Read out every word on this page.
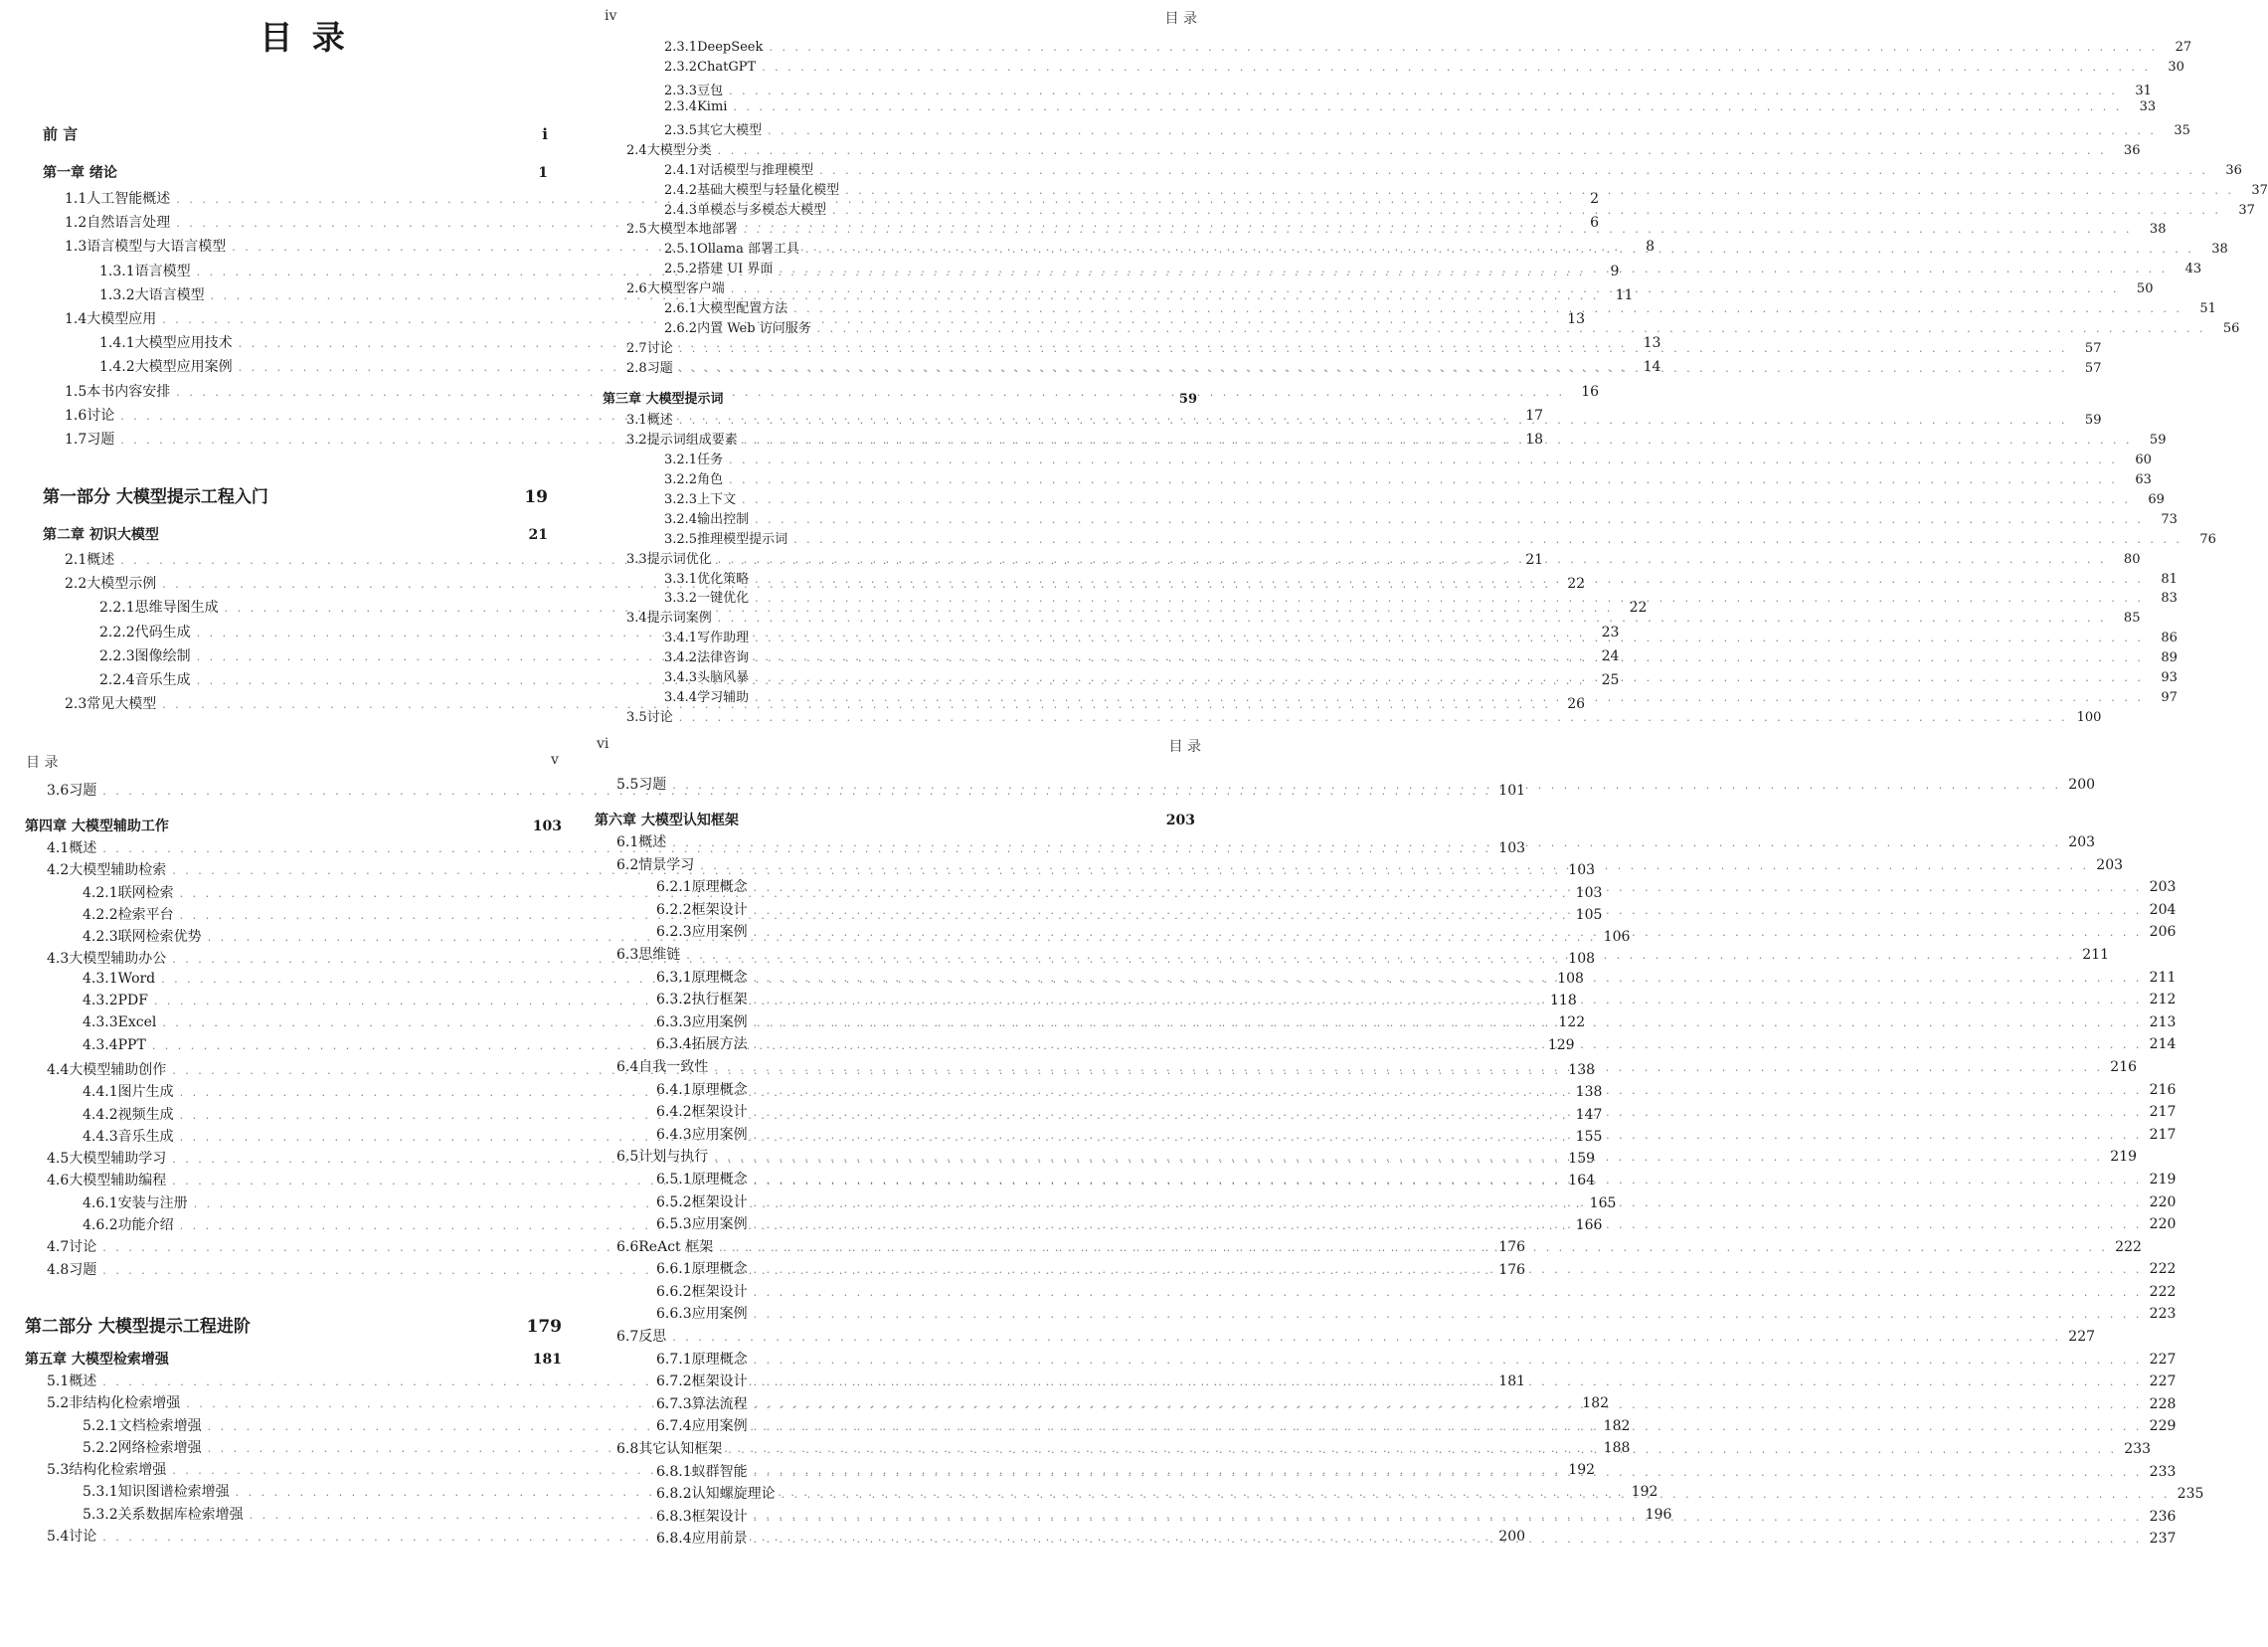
目 录
前 言	i
第一章 绪论	1
1.1 人工智能概述 . . .	2
1.2 自然语言处理 . . .	6
1.3 语言模型与大语言模型 . . .	8
1.3.1 语言模型 . . .	9
1.3.2 大语言模型 . . .	11
1.4 大模型应用 . . .	13
1.4.1 大模型应用技术 . . .	13
1.4.2 大模型应用案例 . . .	14
1.5 本书内容安排 . . .	16
1.6 讨论 . . .	17
1.7 习题 . . .	18
第一部分 大模型提示工程入门	19
第二章 初识大模型	21
2.1 概述 . . .	21
2.2 大模型示例 . . .	22
2.2.1 思维导图生成 . . .	22
2.2.2 代码生成 . . .	23
2.2.3 图像绘制 . . .	24
2.2.4 音乐生成 . . .	25
2.3 常见大模型 . . .	26
iv	目 录
2.3.1 DeepSeek . . .	27
2.3.2 ChatGPT . . .	30
2.3.3 豆包 . . .	31
2.3.4 Kimi . . .	33
2.3.5 其它大模型 . . .	35
2.4 大模型分类 . . .	36
2.4.1 对话模型与推理模型 . . .	36
2.4.2 基础大模型与轻量化模型 . . .	37
2.4.3 单模态与多模态大模型 . . .	37
2.5 大模型本地部署 . . .	38
2.5.1 Ollama 部署工具 . . .	38
2.5.2 搭建 UI 界面 . . .	43
2.6 大模型客户端 . . .	50
2.6.1 大模型配置方法 . . .	51
2.6.2 内置 Web 访问服务 . . .	56
2.7 讨论 . . .	57
2.8 习题 . . .	57
第三章 大模型提示词	59
3.1 概述 . . .	59
3.2 提示词组成要素 . . .	59
3.2.1 任务 . . .	60
3.2.2 角色 . . .	63
3.2.3 上下文 . . .	69
3.2.4 输出控制 . . .	73
3.2.5 推理模型提示词 . . .	76
3.3 提示词优化 . . .	80
3.3.1 优化策略 . . .	81
3.3.2 一键优化 . . .	83
3.4 提示词案例 . . .	85
3.4.1 写作助理 . . .	86
3.4.2 法律咨询 . . .	89
3.4.3 头脑风暴 . . .	93
3.4.4 学习辅助 . . .	97
3.5 讨论 . . .	100
目 录	v
3.6 习题 . . .	101
第四章 大模型辅助工作	103
4.1 概述 . . .	103
4.2 大模型辅助检索 . . .	103
4.2.1 联网检索 . . .	103
4.2.2 检索平台 . . .	105
4.2.3 联网检索优势 . . .	106
4.3 大模型辅助办公 . . .	108
4.3.1 Word . . .	108
4.3.2 PDF . . .	118
4.3.3 Excel . . .	122
4.3.4 PPT . . .	129
4.4 大模型辅助创作 . . .	138
4.4.1 图片生成 . . .	138
4.4.2 视频生成 . . .	147
4.4.3 音乐生成 . . .	155
4.5 大模型辅助学习 . . .	159
4.6 大模型辅助编程 . . .	164
4.6.1 安装与注册 . . .	165
4.6.2 功能介绍 . . .	166
4.7 讨论 . . .	176
4.8 习题 . . .	176
第二部分 大模型提示工程进阶	179
第五章 大模型检索增强	181
5.1 概述 . . .	181
5.2 非结构化检索增强 . . .	182
5.2.1 文档检索增强 . . .	182
5.2.2 网络检索增强 . . .	188
5.3 结构化检索增强 . . .	192
5.3.1 知识图谱检索增强 . . .	192
5.3.2 关系数据库检索增强 . . .	196
5.4 讨论 . . .	200
vi	目 录
5.5 习题 . . .	200
第六章 大模型认知框架	203
6.1 概述 . . .	203
6.2 情景学习 . . .	203
6.2.1 原理概念 . . .	203
6.2.2 框架设计 . . .	204
6.2.3 应用案例 . . .	206
6.3 思维链 . . .	211
6.3.1 原理概念 . . .	211
6.3.2 执行框架 . . .	212
6.3.3 应用案例 . . .	213
6.3.4 拓展方法 . . .	214
6.4 自我一致性 . . .	216
6.4.1 原理概念 . . .	216
6.4.2 框架设计 . . .	217
6.4.3 应用案例 . . .	217
6.5 计划与执行 . . .	219
6.5.1 原理概念 . . .	219
6.5.2 框架设计 . . .	220
6.5.3 应用案例 . . .	220
6.6 ReAct 框架 . . .	222
6.6.1 原理概念 . . .	222
6.6.2 框架设计 . . .	222
6.6.3 应用案例 . . .	223
6.7 反思 . . .	227
6.7.1 原理概念 . . .	227
6.7.2 框架设计 . . .	227
6.7.3 算法流程 . . .	228
6.7.4 应用案例 . . .	229
6.8 其它认知框架 . . .	233
6.8.1 蚁群智能 . . .	233
6.8.2 认知螺旋理论 . . .	235
6.8.3 框架设计 . . .	236
6.8.4 应用前景 . . .	237
